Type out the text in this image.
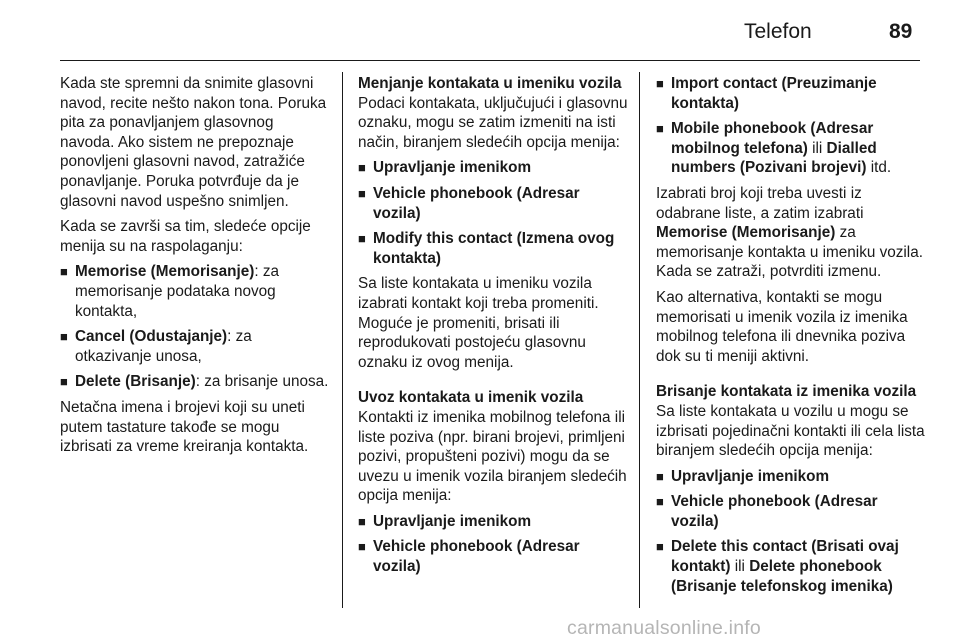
Telefon	89

Kada ste spremni da snimite glasovni navod, recite nešto nakon tona. Poruka pita za ponavljanjem glasovnog navoda. Ako sistem ne prepoznaje ponovljeni glasovni navod, zatražiće ponavljanje. Poruka potvrđuje da je glasovni navod uspešno snimljen.

Kada se završi sa tim, sledeće opcije menija su na raspolaganju:

■ Memorise (Memorisanje): za memorisanje podataka novog kontakta,
■ Cancel (Odustajanje): za otkazivanje unosa,
■ Delete (Brisanje): za brisanje unosa.

Netačna imena i brojevi koji su uneti putem tastature takođe se mogu izbrisati za vreme kreiranja kontakta.

Menjanje kontakata u imeniku vozila

Podaci kontakata, uključujući i glasovnu oznaku, mogu se zatim izmeniti na isti način, biranjem sledećih opcija menija:

■ Upravljanje imenikom
■ Vehicle phonebook (Adresar vozila)
■ Modify this contact (Izmena ovog kontakta)

Sa liste kontakata u imeniku vozila izabrati kontakt koji treba promeniti. Moguće je promeniti, brisati ili reprodukovati postojeću glasovnu oznaku iz ovog menija.

Uvoz kontakata u imenik vozila

Kontakti iz imenika mobilnog telefona ili liste poziva (npr. birani brojevi, primljeni pozivi, propušteni pozivi) mogu da se uvezu u imenik vozila biranjem sledećih opcija menija:

■ Upravljanje imenikom
■ Vehicle phonebook (Adresar vozila)
■ Import contact (Preuzimanje kontakta)
■ Mobile phonebook (Adresar mobilnog telefona) ili Dialled numbers (Pozivani brojevi) itd.

Izabrati broj koji treba uvesti iz odabrane liste, a zatim izabrati Memorise (Memorisanje) za memorisanje kontakta u imeniku vozila. Kada se zatraži, potvrditi izmenu.

Kao alternativa, kontakti se mogu memorisati u imenik vozila iz imenika mobilnog telefona ili dnevnika poziva dok su ti meniji aktivni.

Brisanje kontakata iz imenika vozila

Sa liste kontakata u vozilu u mogu se izbrisati pojedinačni kontakti ili cela lista biranjem sledećih opcija menija:

■ Upravljanje imenikom
■ Vehicle phonebook (Adresar vozila)
■ Delete this contact (Brisati ovaj kontakt) ili Delete phonebook (Brisanje telefonskog imenika)
carmanualsonline.info
